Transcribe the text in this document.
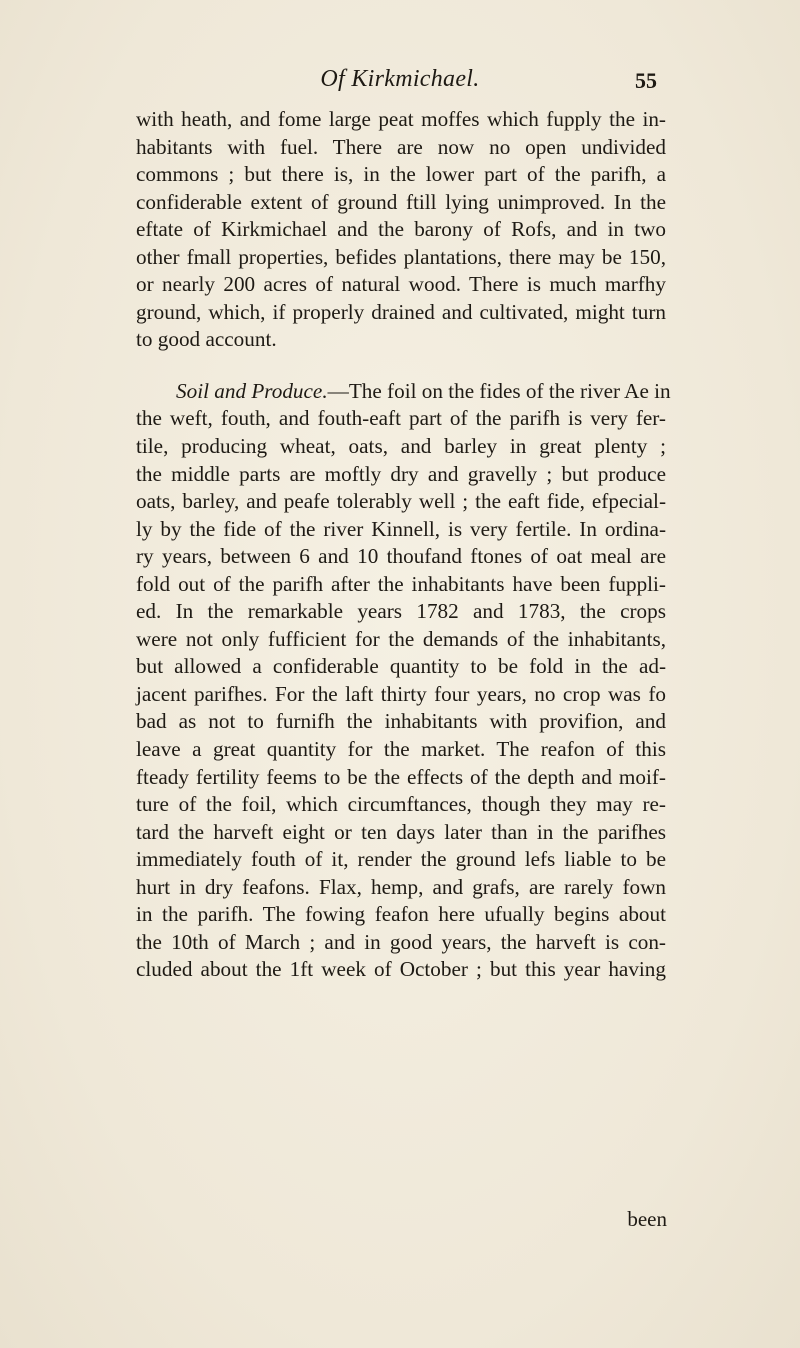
Of Kirkmichael.	55
with heath, and fome large peat moffes which fupply the in-
habitants with fuel. There are now no open undivided
commons ; but there is, in the lower part of the parifh, a
confiderable extent of ground ftill lying unimproved. In the
eftate of Kirkmichael and the barony of Rofs, and in two
other fmall properties, befides plantations, there may be 150,
or nearly 200 acres of natural wood. There is much marfhy
ground, which, if properly drained and cultivated, might turn
to good account.
Soil and Produce.—The foil on the fides of the river Ae in
the weft, fouth, and fouth-eaft part of the parifh is very fer-
tile, producing wheat, oats, and barley in great plenty ;
the middle parts are moftly dry and gravelly ; but produce
oats, barley, and peafe tolerably well ; the eaft fide, efpecial-
ly by the fide of the river Kinnell, is very fertile. In ordina-
ry years, between 6 and 10 thoufand ftones of oat meal are
fold out of the parifh after the inhabitants have been fuppli-
ed. In the remarkable years 1782 and 1783, the crops
were not only fufficient for the demands of the inhabitants,
but allowed a confiderable quantity to be fold in the ad-
jacent parifhes. For the laft thirty four years, no crop was fo
bad as not to furnifh the inhabitants with provifion, and
leave a great quantity for the market. The reafon of this
fteady fertility feems to be the effects of the depth and moif-
ture of the foil, which circumftances, though they may re-
tard the harveft eight or ten days later than in the parifhes
immediately fouth of it, render the ground lefs liable to be
hurt in dry feafons. Flax, hemp, and grafs, are rarely fown
in the parifh. The fowing feafon here ufually begins about
the 10th of March ; and in good years, the harveft is con-
cluded about the 1ft week of October ; but this year having
been
